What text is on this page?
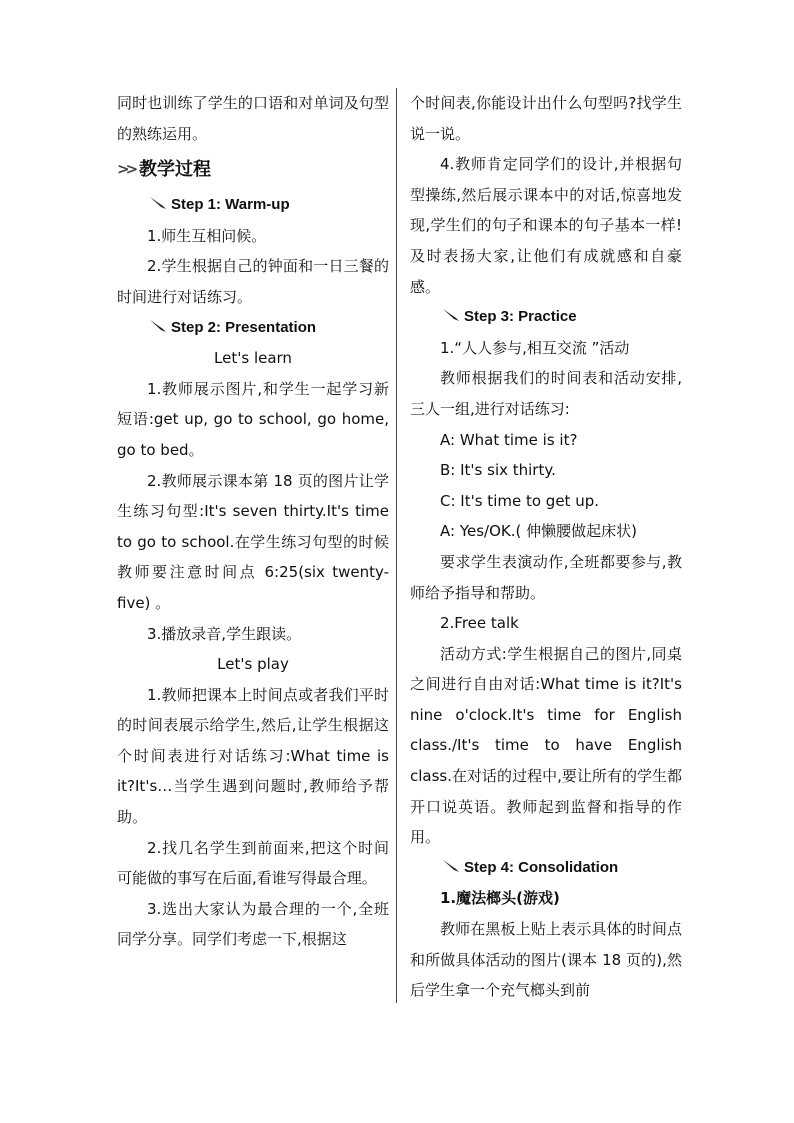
同时也训练了学生的口语和对单词及句型的熟练运用。

>> 教学过程
Step 1: Warm-up

1.师生互相问候。

2.学生根据自己的钟面和一日三餐的时间进行对话练习。

Step 2: Presentation

Let's learn

1.教师展示图片,和学生一起学习新短语:get up, go to school, go home, go to bed。

2.教师展示课本第 18 页的图片让学生练习句型:It's seven thirty.It's time to go to school.在学生练习句型的时候教师要注意时间点 6:25(six twenty-five) 。

3.播放录音,学生跟读。

Let's play

1.教师把课本上时间点或者我们平时的时间表展示给学生,然后,让学生根据这个时间表进行对话练习:What time is it?It's…当学生遇到问题时,教师给予帮助。

2.找几名学生到前面来,把这个时间可能做的事写在后面,看谁写得最合理。

3.选出大家认为最合理的一个,全班同学分享。同学们考虑一下,根据这

个时间表,你能设计出什么句型吗?找学生说一说。

4.教师肯定同学们的设计,并根据句型操练,然后展示课本中的对话,惊喜地发现,学生们的句子和课本的句子基本一样!及时表扬大家,让他们有成就感和自豪感。

Step 3: Practice

1.“人人参与,相互交流 ”活动

教师根据我们的时间表和活动安排,三人一组,进行对话练习:

A: What time is it?

B: It's six thirty.

C: It's time to get up.

A: Yes/OK.( 伸懒腰做起床状)

要求学生表演动作,全班都要参与,教师给予指导和帮助。

2.Free talk

活动方式:学生根据自己的图片,同桌之间进行自由对话:What time is it?It's nine o'clock.It's time for English class./It's time to have English class.在对话的过程中,要让所有的学生都开口说英语。教师起到监督和指导的作用。

Step 4: Consolidation

1.魔法榔头(游戏)

教师在黑板上贴上表示具体的时间点和所做具体活动的图片(课本 18 页的),然后学生拿一个充气榔头到前
